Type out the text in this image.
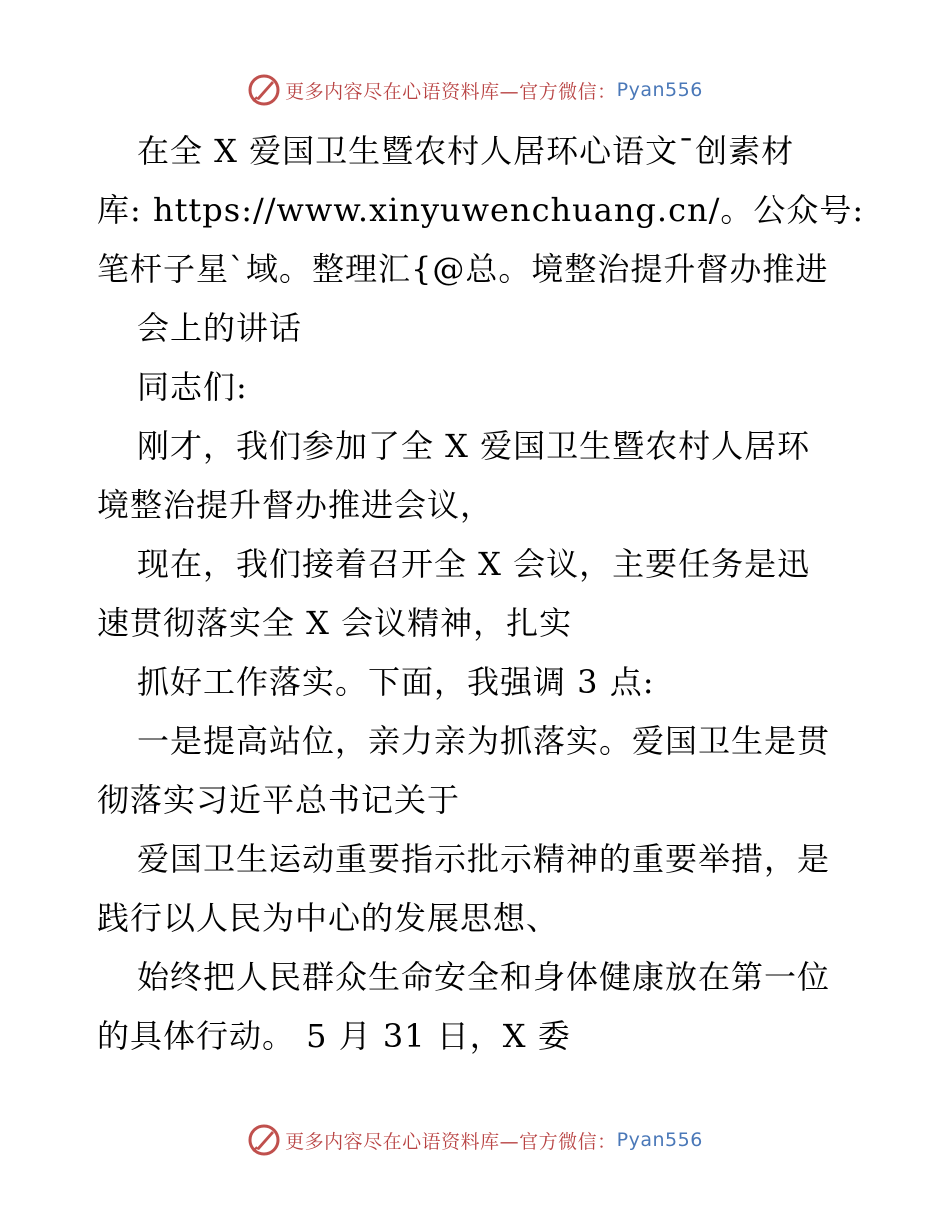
更多内容尽在心语资料库—官方微信： Pyan556
在全 X 爱国卫生暨农村人居环心语文¯创素材
库: https://www.xinyuwenchuang.cn/。公众号:
笔杆子星`域。整理汇{@总。境整治提升督办推进
会上的讲话
同志们:
刚才，我们参加了全 X 爱国卫生暨农村人居环
境整治提升督办推进会议，
现在，我们接着召开全 X 会议，主要任务是迅
速贯彻落实全 X 会议精神，扎实
抓好工作落实。下面，我强调 3 点:
一是提高站位，亲力亲为抓落实。爱国卫生是贯
彻落实习近平总书记关于
爱国卫生运动重要指示批示精神的重要举措，是
践行以人民为中心的发展思想、
始终把人民群众生命安全和身体健康放在第一位
的具体行动。 5 月 31 日，X 委
更多内容尽在心语资料库—官方微信： Pyan556
